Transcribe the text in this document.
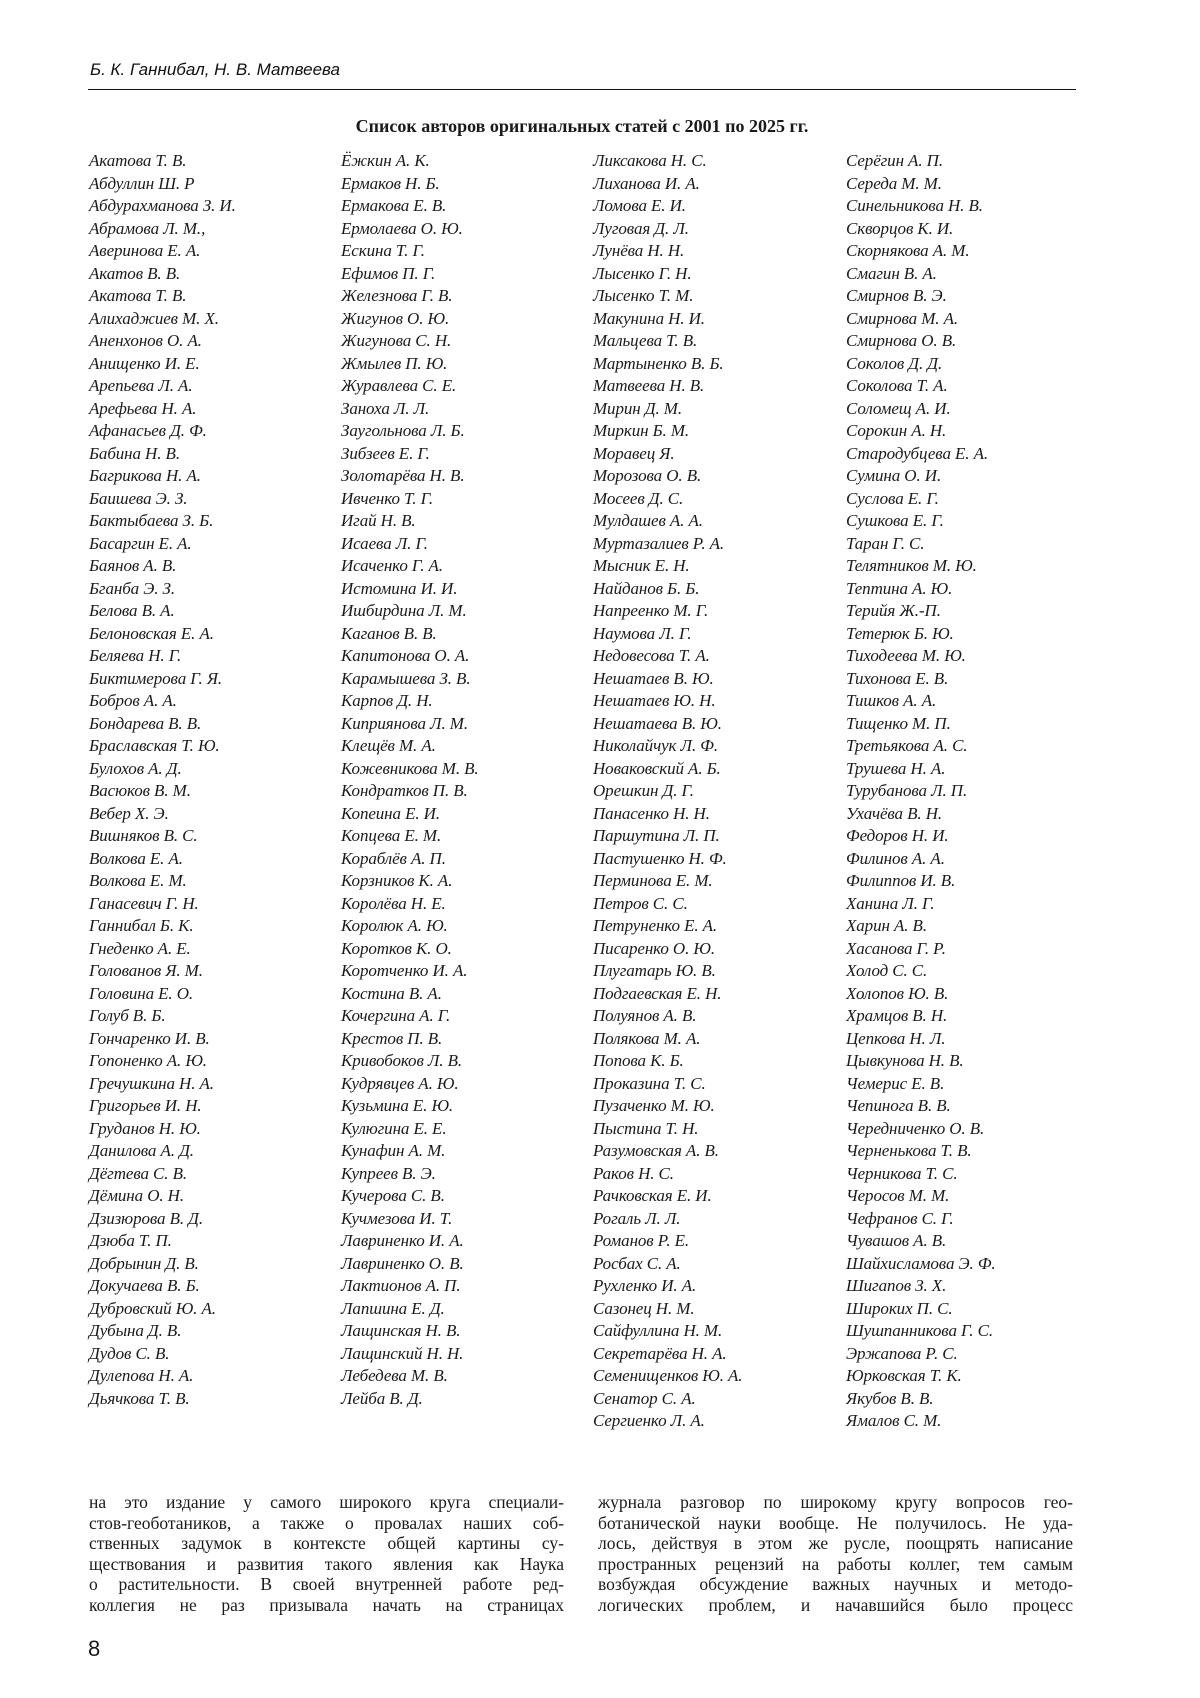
Б. К. Ганнибал, Н. В. Матвеева
Список авторов оригинальных статей с 2001 по 2025 гг.
Акатова Т. В.
Абдуллин Ш. Р
Абдурахманова З. И.
Абрамова Л. М.,
Аверинова Е. А.
Акатов В. В.
Акатова Т. В.
Алихаджиев М. Х.
Аненхонов О. А.
Анищенко И. Е.
Арепьева Л. А.
Арефьева Н. А.
Афанасьев Д. Ф.
Бабина Н. В.
Багрикова Н. А.
Баишева Э. З.
Бактыбаева З. Б.
Басаргин Е. А.
Баянов А. В.
Бганба Э. З.
Белова В. А.
Белоновская Е. А.
Беляева Н. Г.
Биктимерова Г. Я.
Бобров А. А.
Бондарева В. В.
Браславская Т. Ю.
Булохов А. Д.
Васюков В. М.
Вебер Х. Э.
Вишняков В. С.
Волкова Е. А.
Волкова Е. М.
Ганасевич Г. Н.
Ганнибал Б. К.
Гнеденко А. Е.
Голованов Я. М.
Головина Е. О.
Голуб В. Б.
Гончаренко И. В.
Гопоненко А. Ю.
Гречушкина Н. А.
Григорьев И. Н.
Груданов Н. Ю.
Данилова А. Д.
Дёгтева С. В.
Дёмина О. Н.
Дзизюрова В. Д.
Дзюба Т. П.
Добрынин Д. В.
Докучаева В. Б.
Дубровский Ю. А.
Дубына Д. В.
Дудов С. В.
Дулепова Н. А.
Дьячкова Т. В.
Ёжкин А. К.
Ермаков Н. Б.
Ермакова Е. В.
Ермолаева О. Ю.
Ескина Т. Г.
Ефимов П. Г.
Железнова Г. В.
Жигунов О. Ю.
Жигунова С. Н.
Жмылев П. Ю.
Журавлева С. Е.
Заноха Л. Л.
Заугольнова Л. Б.
Зибзеев Е. Г.
Золотарёва Н. В.
Ивченко Т. Г.
Игай Н. В.
Исаева Л. Г.
Исаченко Г. А.
Истомина И. И.
Ишбирдина Л. М.
Каганов В. В.
Капитонова О. А.
Карамышева З. В.
Карпов Д. Н.
Киприянова Л. М.
Клещёв М. А.
Кожевникова М. В.
Кондратков П. В.
Копеина Е. И.
Копцева Е. М.
Кораблёв А. П.
Корзников К. А.
Королёва Н. Е.
Королюк А. Ю.
Коротков К. О.
Коротченко И. А.
Костина В. А.
Кочергина А. Г.
Крестов П. В.
Кривобоков Л. В.
Кудрявцев А. Ю.
Кузьмина Е. Ю.
Кулюгина Е. Е.
Кунафин А. М.
Купреев В. Э.
Кучерова С. В.
Кучмезова И. Т.
Лавриненко И. А.
Лавриненко О. В.
Лактионов А. П.
Лапшина Е. Д.
Лащинская Н. В.
Лащинский Н. Н.
Лебедева М. В.
Лейба В. Д.
Ликсакова Н. С.
Лиханова И. А.
Ломова Е. И.
Луговая Д. Л.
Лунёва Н. Н.
Лысенко Г. Н.
Лысенко Т. М.
Макунина Н. И.
Мальцева Т. В.
Мартыненко В. Б.
Матвеева Н. В.
Мирин Д. М.
Миркин Б. М.
Моравец Я.
Морозова О. В.
Мосеев Д. С.
Мулдашев А. А.
Муртазалиев Р. А.
Мысник Е. Н.
Найданов Б. Б.
Напреенко М. Г.
Наумова Л. Г.
Недовесова Т. А.
Нешатаев В. Ю.
Нешатаев Ю. Н.
Нешатаева В. Ю.
Николайчук Л. Ф.
Новаковский А. Б.
Орешкин Д. Г.
Панасенко Н. Н.
Паршутина Л. П.
Пастушенко Н. Ф.
Перминова Е. М.
Петров С. С.
Петруненко Е. А.
Писаренко О. Ю.
Плугатарь Ю. В.
Подгаевская Е. Н.
Полуянов А. В.
Полякова М. А.
Попова К. Б.
Проказина Т. С.
Пузаченко М. Ю.
Пыстина Т. Н.
Разумовская А. В.
Раков Н. С.
Рачковская Е. И.
Рогаль Л. Л.
Романов Р. Е.
Росбах С. А.
Рухленко И. А.
Сазонец Н. М.
Сайфуллина Н. М.
Секретарёва Н. А.
Семенищенков Ю. А.
Сенатор С. А.
Сергиенко Л. А.
Серёгин А. П.
Середа М. М.
Синельникова Н. В.
Скворцов К. И.
Скорнякова А. М.
Смагин В. А.
Смирнов В. Э.
Смирнова М. А.
Смирнова О. В.
Соколов Д. Д.
Соколова Т. А.
Соломещ А. И.
Сорокин А. Н.
Стародубцева Е. А.
Сумина О. И.
Суслова Е. Г.
Сушкова Е. Г.
Таран Г. С.
Телятников М. Ю.
Тептина А. Ю.
Терийя Ж.-П.
Тетерюк Б. Ю.
Тиходеева М. Ю.
Тихонова Е. В.
Тишков А. А.
Тищенко М. П.
Третьякова А. С.
Трушева Н. А.
Турубанова Л. П.
Ухачёва В. Н.
Федоров Н. И.
Филинов А. А.
Филиппов И. В.
Ханина Л. Г.
Харин А. В.
Хасанова Г. Р.
Холод С. С.
Холопов Ю. В.
Храмцов В. Н.
Цепкова Н. Л.
Цывкунова Н. В.
Чемерис Е. В.
Чепинога В. В.
Чередниченко О. В.
Черненькова Т. В.
Черникова Т. С.
Черосов М. М.
Чефранов С. Г.
Чувашов А. В.
Шайхисламова Э. Ф.
Шигапов З. Х.
Широких П. С.
Шушпанникова Г. С.
Эржапова Р. С.
Юрковская Т. К.
Якубов В. В.
Ямалов С. М.
на это издание у самого широкого круга специали-
стов-геоботаников, а также о провалах наших соб-
ственных задумок в контексте общей картины су-
ществования и развития такого явления как Наука
о растительности. В своей внутренней работе ред-
коллегия не раз призывала начать на страницах
журнала разговор по широкому кругу вопросов гео-
ботанической науки вообще. Не получилось. Не уда-
лось, действуя в этом же русле, поощрять написание
пространных рецензий на работы коллег, тем самым
возбуждая обсуждение важных научных и методо-
логических проблем, и начавшийся было процесс
8
